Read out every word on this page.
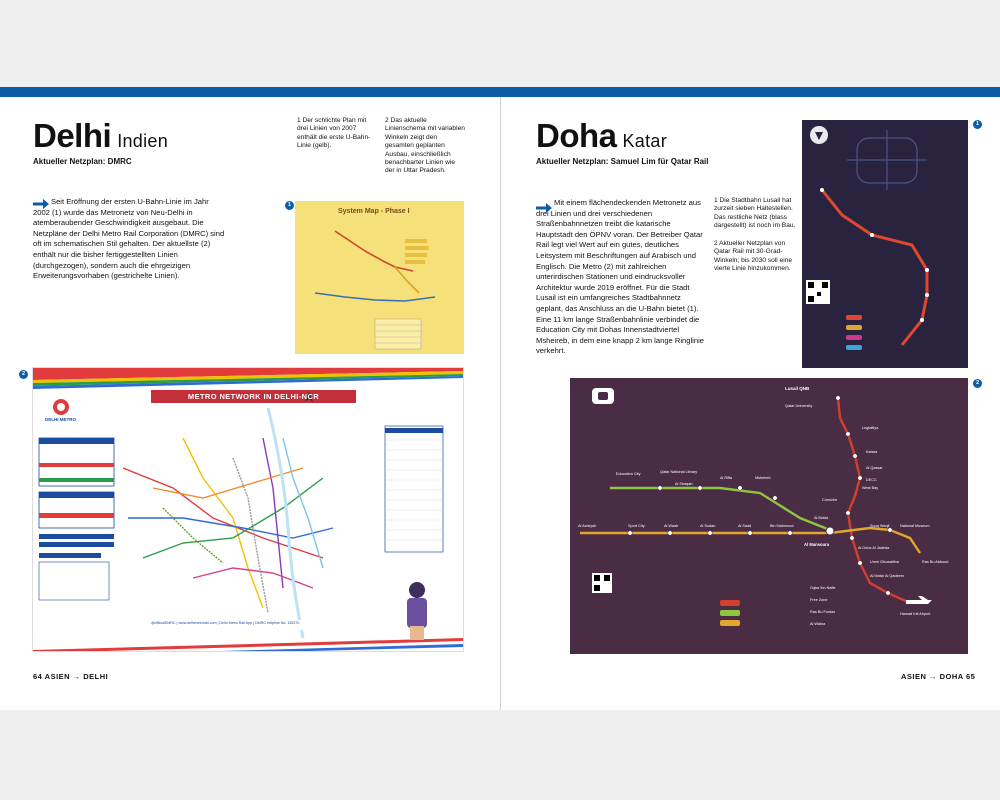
Delhi Indien
Aktueller Netzplan: DMRC
1 Der schlichte Plan mit drei Linien von 2007 enthält die erste U-Bahn-Linie (gelb).
2 Das aktuelle Linienschema mit variablen Winkeln zeigt den gesamten geplanten Ausbau, einschließlich benachbarter Linien wie der in Uttar Pradesh.
Seit Eröffnung der ersten U-Bahn-Linie im Jahr 2002 (1) wurde das Metronetz von Neu-Delhi in atemberaubender Geschwindigkeit ausgebaut. Die Netzpläne der Delhi Metro Rail Corporation (DMRC) sind oft im schematischen Stil gehalten. Der aktuellste (2) enthält nur die bisher fertiggestellten Linien (durchgezogen), sondern auch die ehrgeizigen Erweiterungsvorhaben (gestrichelte Linien).
1
System Map - Phase I
2
METRO NETWORK IN DELHI-NCR
DELHI METRO
@officialDMRC | www.delhimetrorail.com | Delhi Metro Rail App | DMRC Helpline No. 155370
64 ASIEN → DELHI
Doha Katar
Aktueller Netzplan: Samuel Lim für Qatar Rail
Mit einem flächendeckenden Metronetz aus drei Linien und drei verschiedenen Straßenbahnnetzen treibt die katarische Hauptstadt den ÖPNV voran. Der Betreiber Qatar Rail legt viel Wert auf ein gutes, deutliches Leitsystem mit Beschriftungen auf Arabisch und Englisch. Die Metro (2) mit zahlreichen unterirdischen Stationen und eindrucksvoller Architektur wurde 2019 eröffnet. Für die Stadt Lusail ist ein umfangreiches Stadtbahnnetz geplant, das Anschluss an die U-Bahn bietet (1). Eine 11 km lange Straßenbahnlinie verbindet die Education City mit Dohas Innenstadtviertel Msheireb, in dem eine knapp 2 km lange Ringlinie verkehrt.
1 Die Stadtbahn Lusail hat zurzeit sieben Haltestellen. Das restliche Netz (blass dargestellt) ist noch im Bau.
2 Aktueller Netzplan von Qatar Rail mit 30-Grad-Winkeln; bis 2030 soll eine vierte Linie hinzukommen.
1
2
Lusail QNB
Qatar University
Legtaifiya
Katara
Al Qassar
DECC
West Bay
Corniche
Al Bidda
Education City	Qatar National Library
Al Shaqab
Al Riffa	Msheireb
Al Doha Al Jadeda
Umm Ghuwailina
Al Matar Al Qadeem
Oqba Ibn Nafie
Free Zone
Ras Bu Fontas
Al Wakra
Hamad Intl Airport
Ras Bu Abboud
National Museum
Souq Waqif
Al Mansoura
Bin Mahmoud
Al Sadd
Al Sudan
Al Aziziyah	Sport City	Al Waab
ASIEN → DOHA 65
